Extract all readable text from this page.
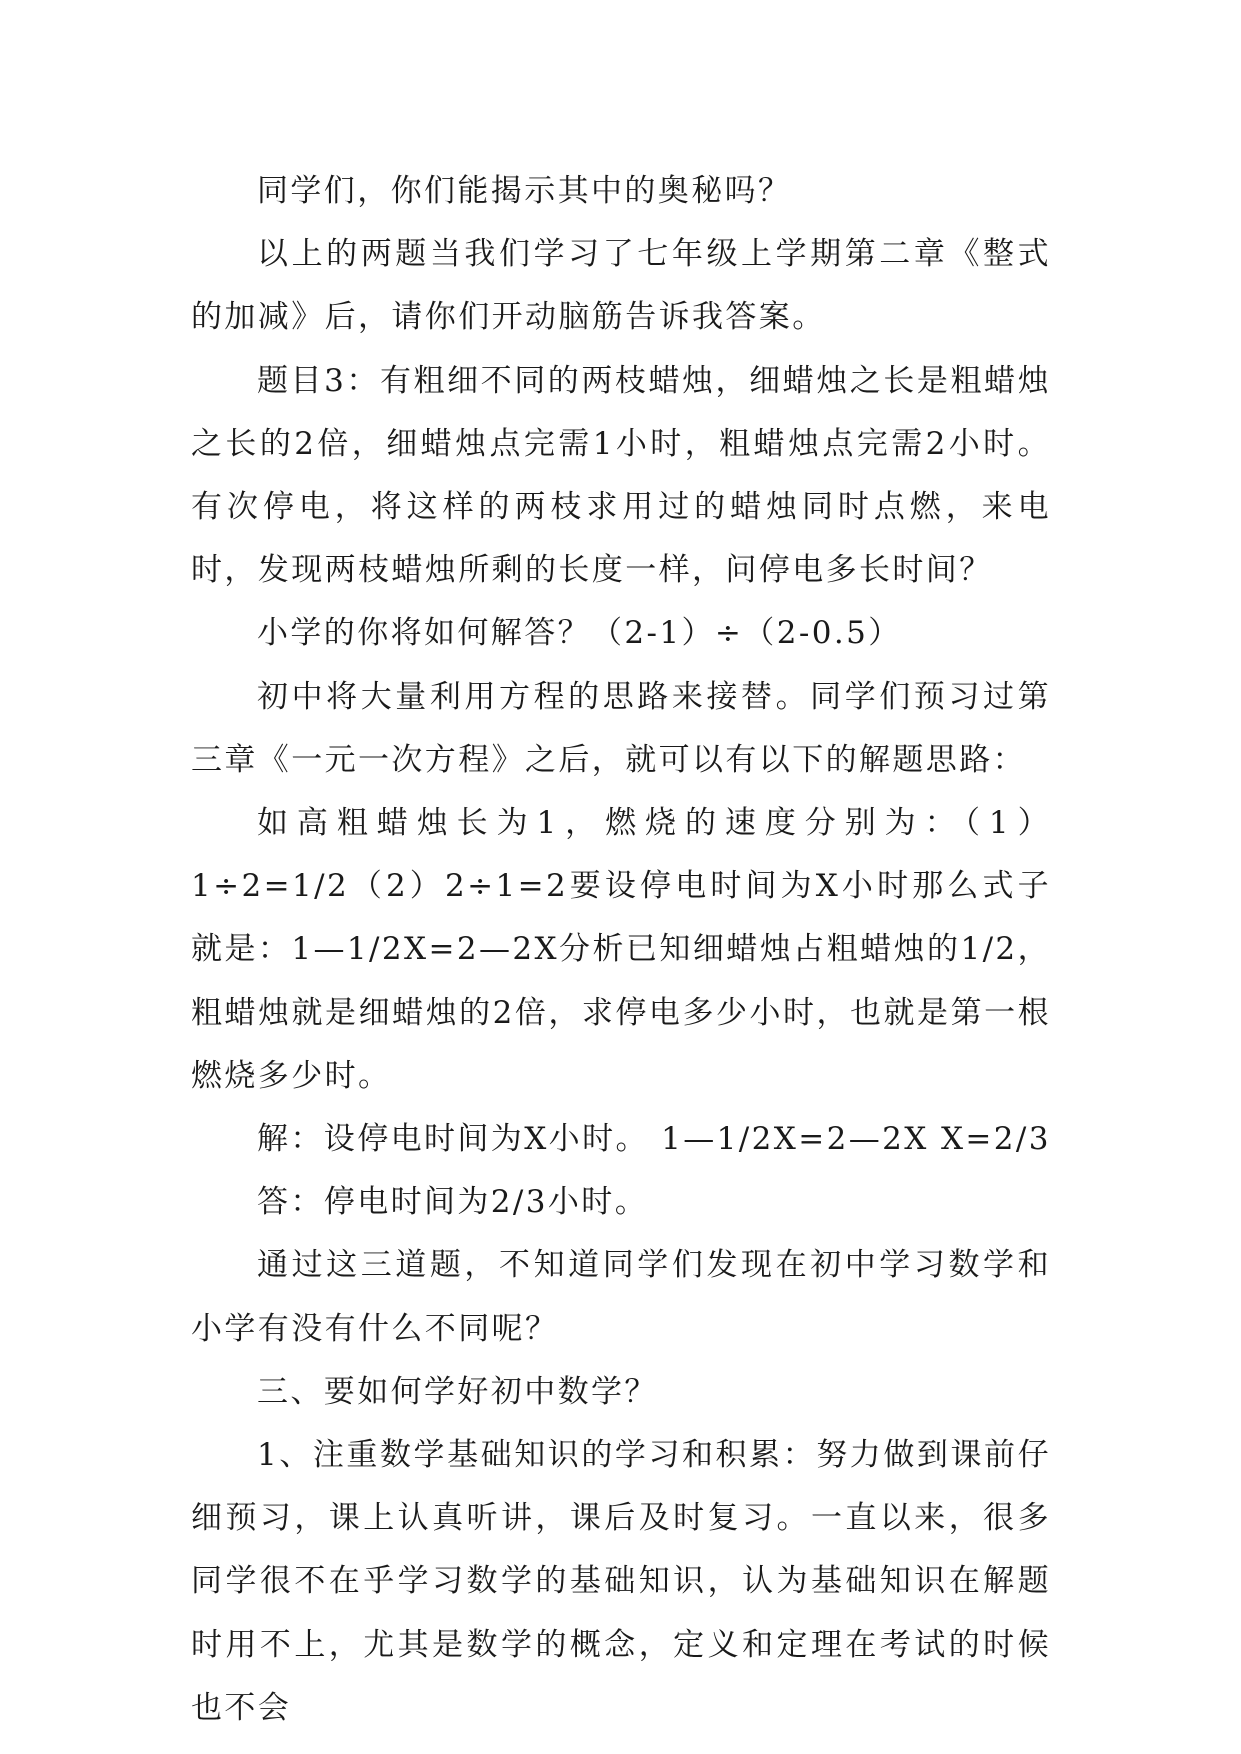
同学们，你们能揭示其中的奥秘吗？

以上的两题当我们学习了七年级上学期第二章《整式的加减》后，请你们开动脑筋告诉我答案。

题目3：有粗细不同的两枝蜡烛，细蜡烛之长是粗蜡烛之长的2倍，细蜡烛点完需1小时，粗蜡烛点完需2小时。有次停电，将这样的两枝求用过的蜡烛同时点燃，来电时，发现两枝蜡烛所剩的长度一样，问停电多长时间？

小学的你将如何解答？（2-1）÷（2-0.5）

初中将大量利用方程的思路来接替。同学们预习过第三章《一元一次方程》之后，就可以有以下的解题思路：

如高粗蜡烛长为1，燃烧的速度分别为：（1）1÷2=1/2（2）2÷1=2要设停电时间为X小时那么式子就是：1—1/2X=2—2X分析已知细蜡烛占粗蜡烛的1/2，粗蜡烛就是细蜡烛的2倍，求停电多少小时，也就是第一根燃烧多少时。

解：设停电时间为X小时。 1—1/2X=2—2X X=2/3

答：停电时间为2/3小时。

通过这三道题，不知道同学们发现在初中学习数学和小学有没有什么不同呢？

三、要如何学好初中数学？

1、注重数学基础知识的学习和积累：努力做到课前仔细预习，课上认真听讲，课后及时复习。一直以来，很多同学很不在乎学习数学的基础知识，认为基础知识在解题时用不上，尤其是数学的概念，定义和定理在考试的时候也不会
